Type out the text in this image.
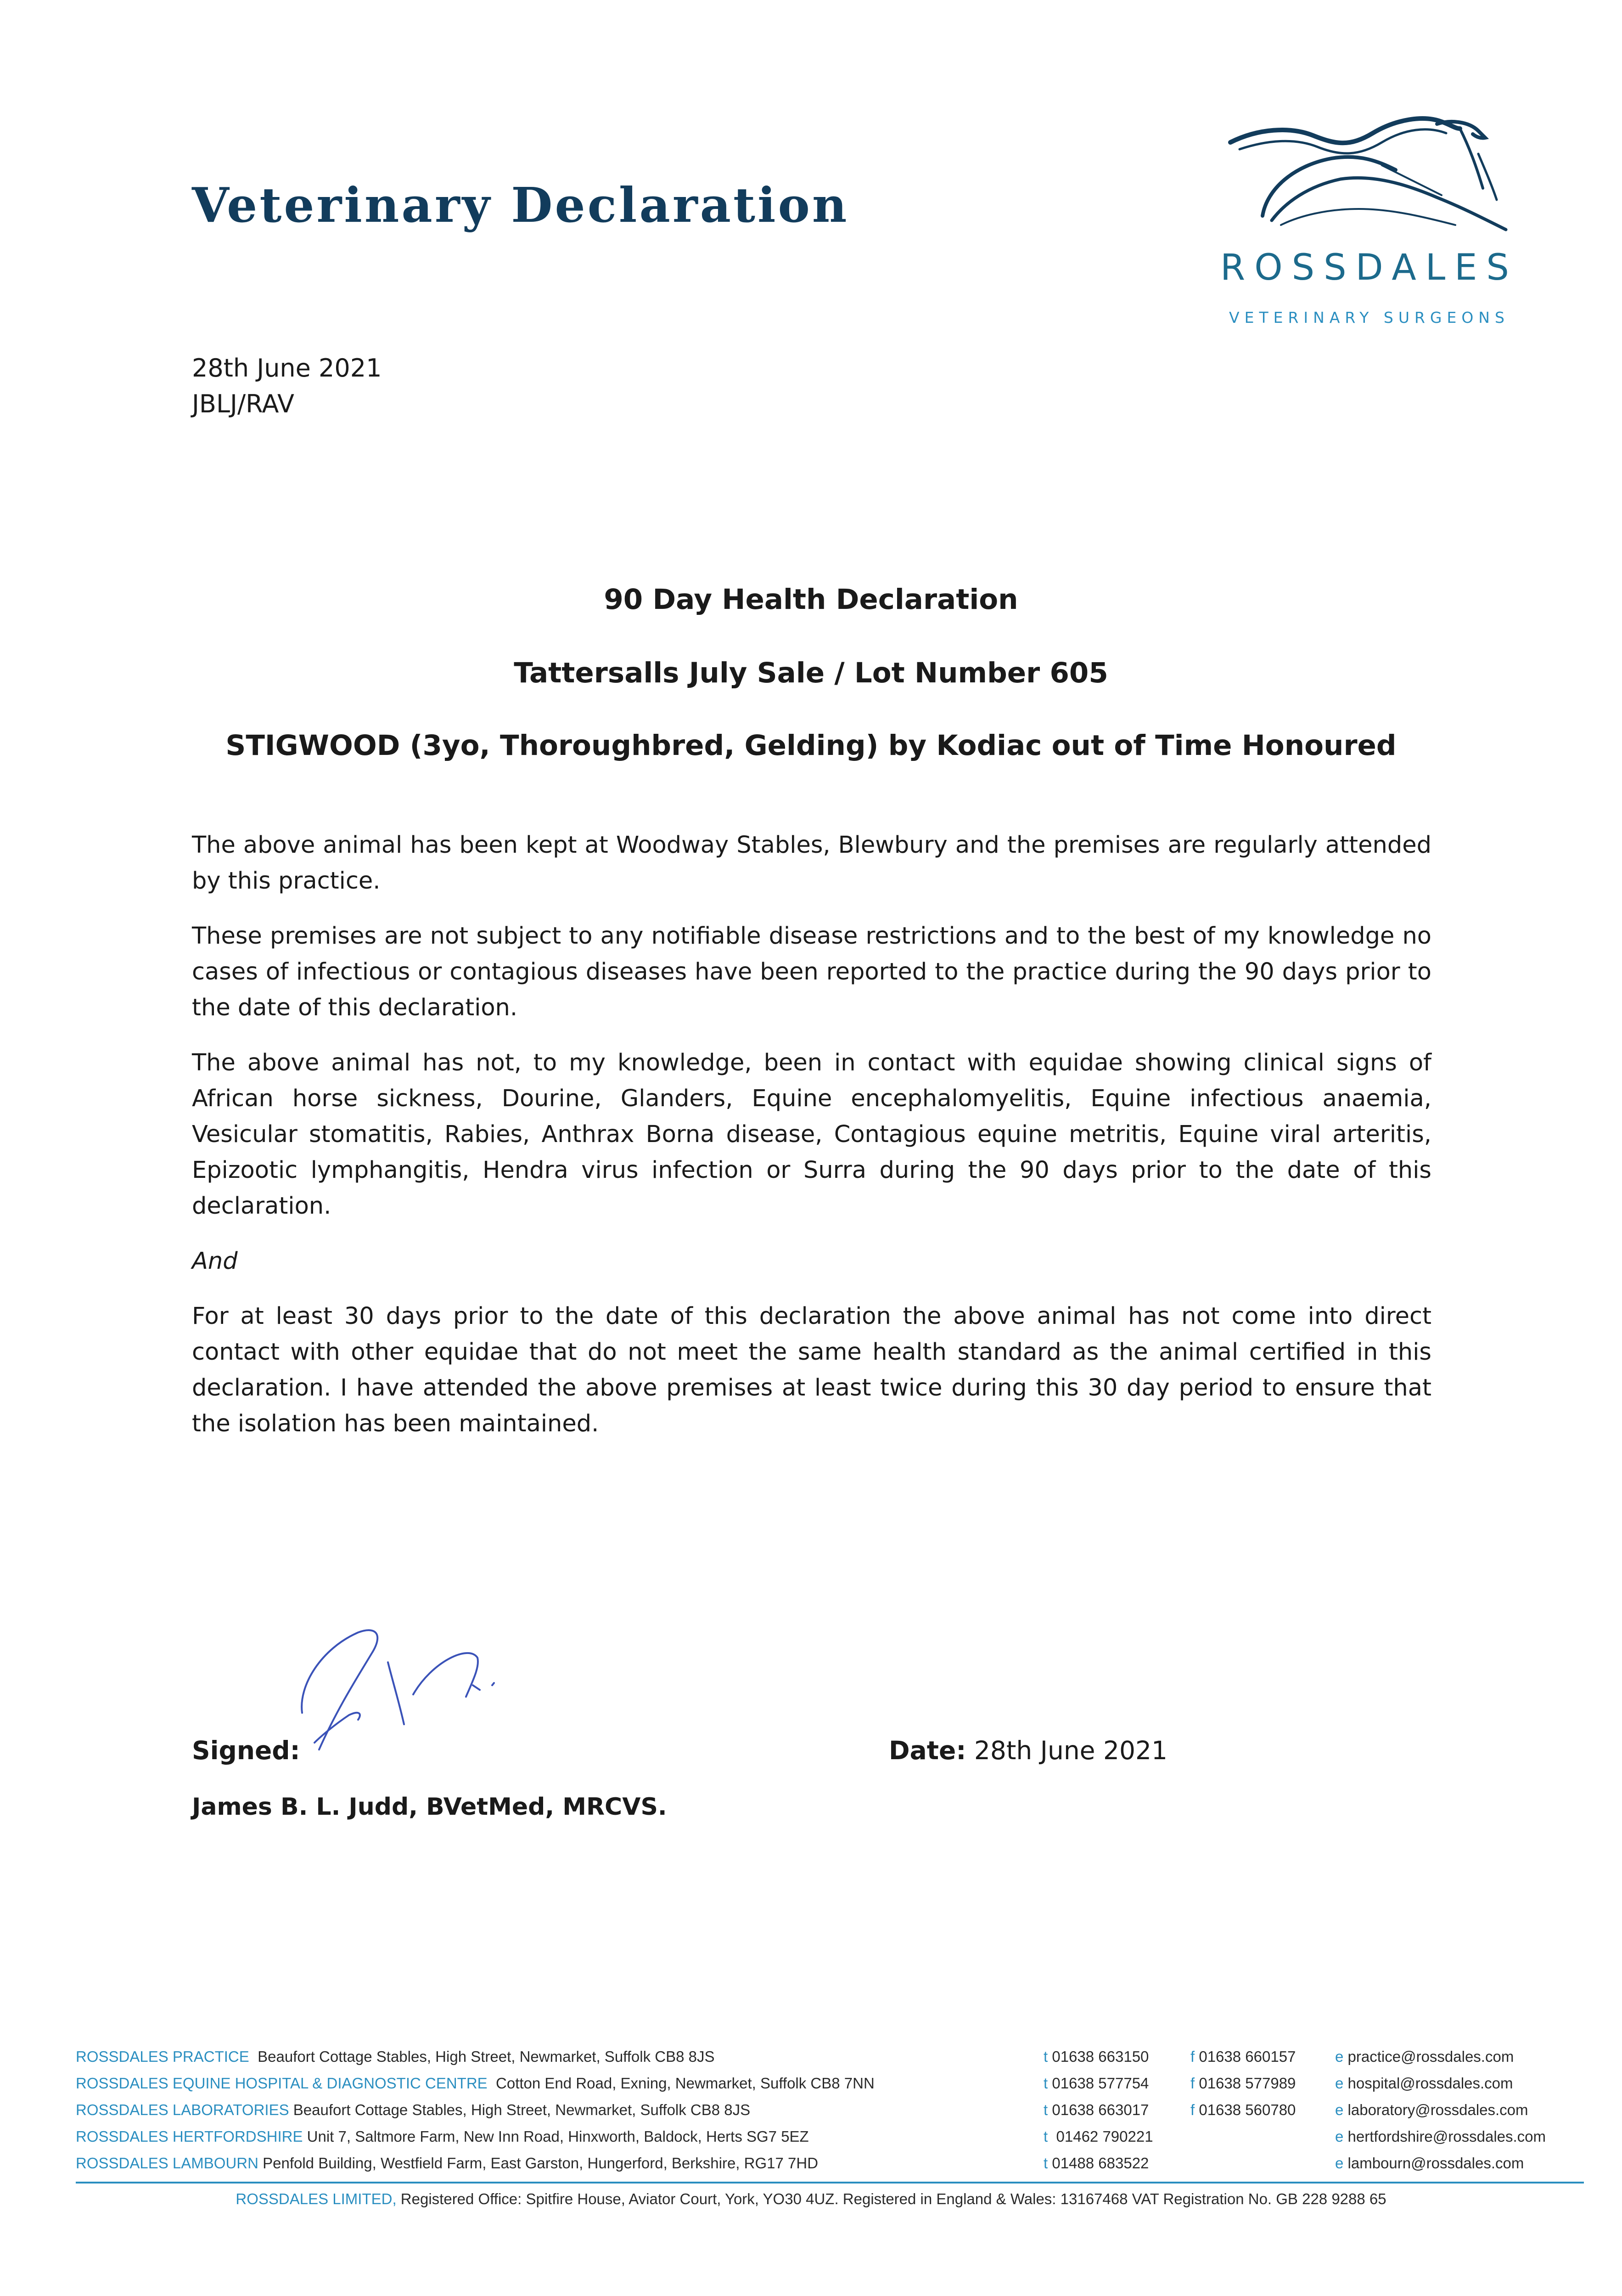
Veterinary Declaration
ROSSDALES
VETERINARY SURGEONS
28th June 2021
JBLJ/RAV
90 Day Health Declaration
Tattersalls July Sale / Lot Number 605
STIGWOOD (3yo, Thoroughbred, Gelding) by Kodiac out of Time Honoured

The above animal has been kept at Woodway Stables, Blewbury and the premises are regularly attended by this practice.

These premises are not subject to any notifiable disease restrictions and to the best of my knowledge no cases of infectious or contagious diseases have been reported to the practice during the 90 days prior to the date of this declaration.

The above animal has not, to my knowledge, been in contact with equidae showing clinical signs of African horse sickness, Dourine, Glanders, Equine encephalomyelitis, Equine infectious anaemia, Vesicular stomatitis, Rabies, Anthrax Borna disease, Contagious equine metritis, Equine viral arteritis, Epizootic lymphangitis, Hendra virus infection or Surra during the 90 days prior to the date of this declaration.

And

For at least 30 days prior to the date of this declaration the above animal has not come into direct contact with other equidae that do not meet the same health standard as the animal certified in this declaration. I have attended the above premises at least twice during this 30 day period to ensure that the isolation has been maintained.

Signed:	Date: 28th June 2021
James B. L. Judd, BVetMed, MRCVS.
ROSSDALES PRACTICE Beaufort Cottage Stables, High Street, Newmarket, Suffolk CB8 8JS	t 01638 663150	f 01638 660157	e practice@rossdales.com
ROSSDALES EQUINE HOSPITAL & DIAGNOSTIC CENTRE Cotton End Road, Exning, Newmarket, Suffolk CB8 7NN	t 01638 577754	f 01638 577989	e hospital@rossdales.com
ROSSDALES LABORATORIES Beaufort Cottage Stables, High Street, Newmarket, Suffolk CB8 8JS	t 01638 663017	f 01638 560780	e laboratory@rossdales.com
ROSSDALES HERTFORDSHIRE Unit 7, Saltmore Farm, New Inn Road, Hinxworth, Baldock, Herts SG7 5EZ	t 01462 790221	e hertfordshire@rossdales.com
ROSSDALES LAMBOURN Penfold Building, Westfield Farm, East Garston, Hungerford, Berkshire, RG17 7HD	t 01488 683522	e lambourn@rossdales.com
ROSSDALES LIMITED, Registered Office: Spitfire House, Aviator Court, York, YO30 4UZ. Registered in England & Wales: 13167468 VAT Registration No. GB 228 9288 65
